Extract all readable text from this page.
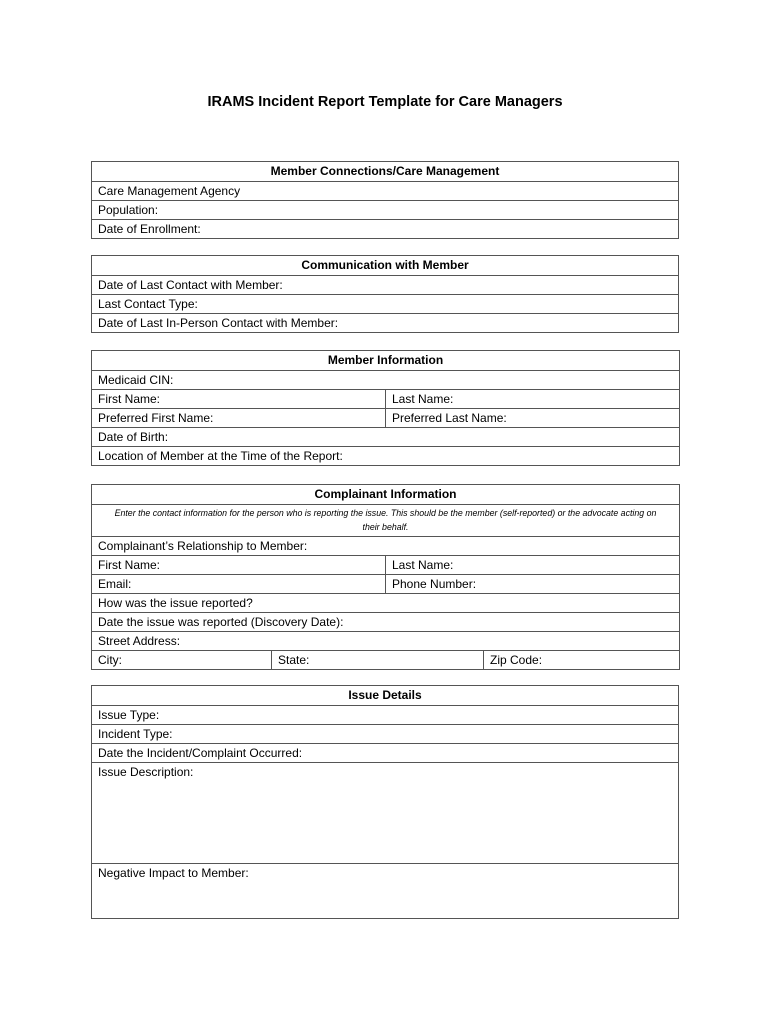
IRAMS Incident Report Template for Care Managers
Member Connections/Care Management
Care Management Agency
Population:
Date of Enrollment:
Communication with Member
Date of Last Contact with Member:
Last Contact Type:
Date of Last In-Person Contact with Member:
Member Information	
Medicaid CIN:	
First Name:	Last Name:
Preferred First Name:	Preferred Last Name:
Date of Birth:	
Location of Member at the Time of the Report:	
Complainant Information			
Enter the contact information for the person who is reporting the issue. This should be the member (self-reported) or the advocate acting on their behalf.			
Complainant’s Relationship to Member:			
First Name:		Last Name:	
Email:		Phone Number:	
How was the issue reported?			
Date the issue was reported (Discovery Date):			
Street Address:			
City:	State:		Zip Code:
Issue Details
Issue Type:
Incident Type:
Date the Incident/Complaint Occurred:
Issue Description:
Negative Impact to Member:
